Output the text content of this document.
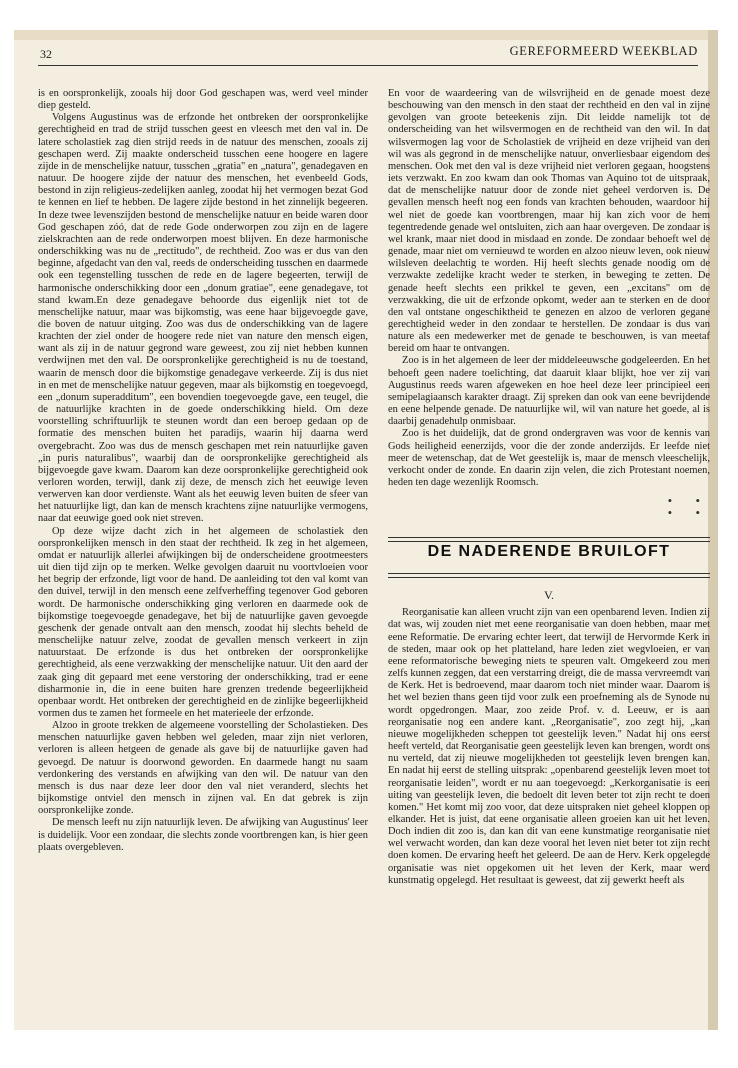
32	GEREFORMEERD WEEKBLAD

is en oorspronkelijk, zooals hij door God geschapen was, werd veel minder diep gesteld.

Volgens Augustinus was de erfzonde het ontbreken der oorspronkelijke gerechtigheid en trad de strijd tusschen geest en vleesch met den val in. De latere scholastiek zag dien strijd reeds in de natuur des menschen, zooals zij geschapen werd. Zij maakte onderscheid tusschen eene hoogere en lagere zijde in de menschelijke natuur, tusschen „gratia" en „natura", genadegaven en natuur. De hoogere zijde der natuur des menschen, het evenbeeld Gods, bestond in zijn religieus-zedelijken aanleg, zoodat hij het vermogen bezat God te kennen en lief te hebben. De lagere zijde bestond in het zinnelijk begeeren. In deze twee levenszijden bestond de menschelijke natuur en beide waren door God geschapen zóó, dat de rede Gode onderworpen zou zijn en de lagere zielskrachten aan de rede onderworpen moest blijven. En deze harmonische onderschikking was nu de „rectitudo", de rechtheid. Zoo was er dus van den beginne, afgedacht van den val, reeds de onderscheiding tusschen en daarmede ook een tegenstelling tusschen de rede en de lagere begeerten, terwijl de harmonische onderschikking door een „donum gratiae", eene genadegave, tot stand kwam.En deze genadegave behoorde dus eigenlijk niet tot de menschelijke natuur, maar was bijkomstig, was eene haar bijgevoegde gave, die boven de natuur uitging. Zoo was dus de onderschikking van de lagere krachten der ziel onder de hoogere rede niet van nature den mensch eigen, want als zij in de natuur gegrond ware geweest, zou zij niet hebben kunnen verdwijnen met den val. De oorspronkelijke gerechtigheid is nu de toestand, waarin de mensch door die bijkomstige genadegave verkeerde. Zij is dus niet in en met de menschelijke natuur gegeven, maar als bijkomstig en toegevoegd, een „donum superadditum", een bovendien toegevoegde gave, een teugel, die de natuurlijke krachten in de goede onderschikking hield. Om deze voorstelling schriftuurlijk te steunen wordt dan een beroep gedaan op de formatie des menschen buiten het paradijs, waarin hij daarna werd overgebracht. Zoo was dus de mensch geschapen met rein natuurlijke gaven „in puris naturalibus", waarbij dan de oorspronkelijke gerechtigheid als bijgevoegde gave kwam. Daarom kan deze oorspronkelijke gerechtigheid ook verloren worden, terwijl, dank zij deze, de mensch zich het eeuwige leven verwerven kan door verdienste. Want als het eeuwig leven buiten de sfeer van het natuurlijke ligt, dan kan de mensch krachtens zijne natuurlijke vermogens, naar dat eeuwige goed ook niet streven.

Op deze wijze dacht zich in het algemeen de scholastiek den oorspronkelijken mensch in den staat der rechtheid. Ik zeg in het algemeen, omdat er natuurlijk allerlei afwijkingen bij de onderscheidene grootmeesters uit dien tijd zijn op te merken. Welke gevolgen daaruit nu voortvloeien voor het begrip der erfzonde, ligt voor de hand. De aanleiding tot den val komt van den duivel, terwijl in den mensch eene zelfverheffing tegenover God geboren wordt. De harmonische onderschikking ging verloren en daarmede ook de bijkomstige toegevoegde genadegave, het bij de natuurlijke gaven gevoegde geschenk der genade ontvalt aan den mensch, zoodat hij slechts beheld de menschelijke natuur zelve, zoodat de gevallen mensch verkeert in zijn natuurstaat. De erfzonde is dus het ontbreken der oorspronkelijke gerechtigheid, als eene verzwakking der menschelijke natuur. Uit den aard der zaak ging dit gepaard met eene verstoring der onderschikking, trad er eene disharmonie in, die in eene buiten hare grenzen tredende begeerlijkheid openbaar wordt. Het ontbreken der gerechtigheid en de zinlijke begeerlijkheid vormen dus te zamen het formeele en het materieele der erfzonde.

Alzoo in groote trekken de algemeene voorstelling der Scholastieken. Des menschen natuurlijke gaven hebben wel geleden, maar zijn niet verloren, verloren is alleen hetgeen de genade als gave bij de natuurlijke gaven had gevoegd. De natuur is doorwond geworden. En daarmede hangt nu saam verdonkering des verstands en afwijking van den wil. De natuur van den mensch is dus naar deze leer door den val niet veranderd, slechts het bijkomstige ontviel den mensch in zijnen val. En dat gebrek is zijn oorspronkelijke zonde.

De mensch leeft nu zijn natuurlijk leven. De afwijking van Augustinus' leer is duidelijk. Voor een zondaar, die slechts zonde voortbrengen kan, is hier geen plaats overgebleven.

En voor de waardeering van de wilsvrijheid en de genade moest deze beschouwing van den mensch in den staat der rechtheid en den val in zijne gevolgen van groote beteekenis zijn. Dit leidde namelijk tot de onderscheiding van het wilsvermogen en de rechtheid van den wil. In dat wilsvermogen lag voor de Scholastiek de vrijheid en deze vrijheid van den wil was als gegrond in de menschelijke natuur, onverliesbaar eigendom des menschen. Ook met den val is deze vrijheid niet verloren gegaan, hoogstens iets verzwakt. En zoo kwam dan ook Thomas van Aquino tot de uitspraak, dat de menschelijke natuur door de zonde niet geheel verdorven is. De gevallen mensch heeft nog een fonds van krachten behouden, waardoor hij wel niet de goede kan voortbrengen, maar hij kan zich voor de hem tegentredende genade wel ontsluiten, zich aan haar overgeven. De zondaar is wel krank, maar niet dood in misdaad en zonde. De zondaar behoeft wel de genade, maar niet om vernieuwd te worden en alzoo nieuw leven, ook nieuw wilsleven deelachtig te worden. Hij heeft slechts genade noodig om de verzwakte zedelijke kracht weder te sterken, in beweging te zetten. De genade heeft slechts een prikkel te geven, een „excitans" om de verzwakking, die uit de erfzonde opkomt, weder aan te sterken en de door den val ontstane ongeschiktheid te genezen en alzoo de verloren gegane gerechtigheid weder in den zondaar te herstellen. De zondaar is dus van nature als een medewerker met de genade te beschouwen, is van meetaf bereid om haar te ontvangen.

Zoo is in het algemeen de leer der middeleeuwsche godgeleerden. En het behoeft geen nadere toelichting, dat daaruit klaar blijkt, hoe ver zij van Augustinus reeds waren afgeweken en hoe heel deze leer principieel een semipelagiaansch karakter draagt. Zij spreken dan ook van eene bevrijdende en eene helpende genade. De natuurlijke wil, wil van nature het goede, al is daarbij genadehulp onmisbaar.

Zoo is het duidelijk, dat de grond ondergraven was voor de kennis van Gods heiligheid eenerzijds, voor die der zonde anderzijds. Er leefde niet meer de wetenschap, dat de Wet geestelijk is, maar de mensch vleeschelijk, verkocht onder de zonde. En daarin zijn velen, die zich Protestant noemen, heden ten dage wezenlijk Roomsch.

• •
• •
DE NADERENDE BRUILOFT
V.

Reorganisatie kan alleen vrucht zijn van een openbarend leven. Indien zij dat was, wij zouden niet met eene reorganisatie van doen hebben, maar met eene Reformatie. De ervaring echter leert, dat terwijl de Hervormde Kerk in de steden, maar ook op het platteland, hare leden ziet wegvloeien, er van eene reformatorische beweging niets te speuren valt. Omgekeerd zou men zelfs kunnen zeggen, dat een verstarring dreigt, die de massa vervreemdt van de Kerk. Het is bedroevend, maar daarom toch niet minder waar. Daarom is het wel bezien thans geen tijd voor zulk een proefneming als de Synode nu wordt opgedrongen. Maar, zoo zeide Prof. v. d. Leeuw, er is aan reorganisatie nog een andere kant. „Reorganisatie", zoo zegt hij, „kan nieuwe mogelijkheden scheppen tot geestelijk leven." Nadat hij ons eerst heeft verteld, dat Reorganisatie geen geestelijk leven kan brengen, wordt ons nu verteld, dat zij nieuwe mogelijkheden tot geestelijk leven brengen kan. En nadat hij eerst de stelling uitsprak: „openbarend geestelijk leven moet tot reorganisatie leiden", wordt er nu aan toegevoegd: „Kerkorganisatie is een uiting van geestelijk leven, die bedoelt dit leven beter tot zijn recht te doen komen." Het komt mij zoo voor, dat deze uitspraken niet geheel kloppen op elkander. Het is juist, dat eene organisatie alleen groeien kan uit het leven. Doch indien dit zoo is, dan kan dit van eene kunstmatige reorganisatie niet wel verwacht worden, dan kan deze vooral het leven niet beter tot zijn recht doen komen. De ervaring heeft het geleerd. De aan de Herv. Kerk opgelegde organisatie was niet opgekomen uit het leven der Kerk, maar werd kunstmatig opgelegd. Het resultaat is geweest, dat zij gewerkt heeft als
